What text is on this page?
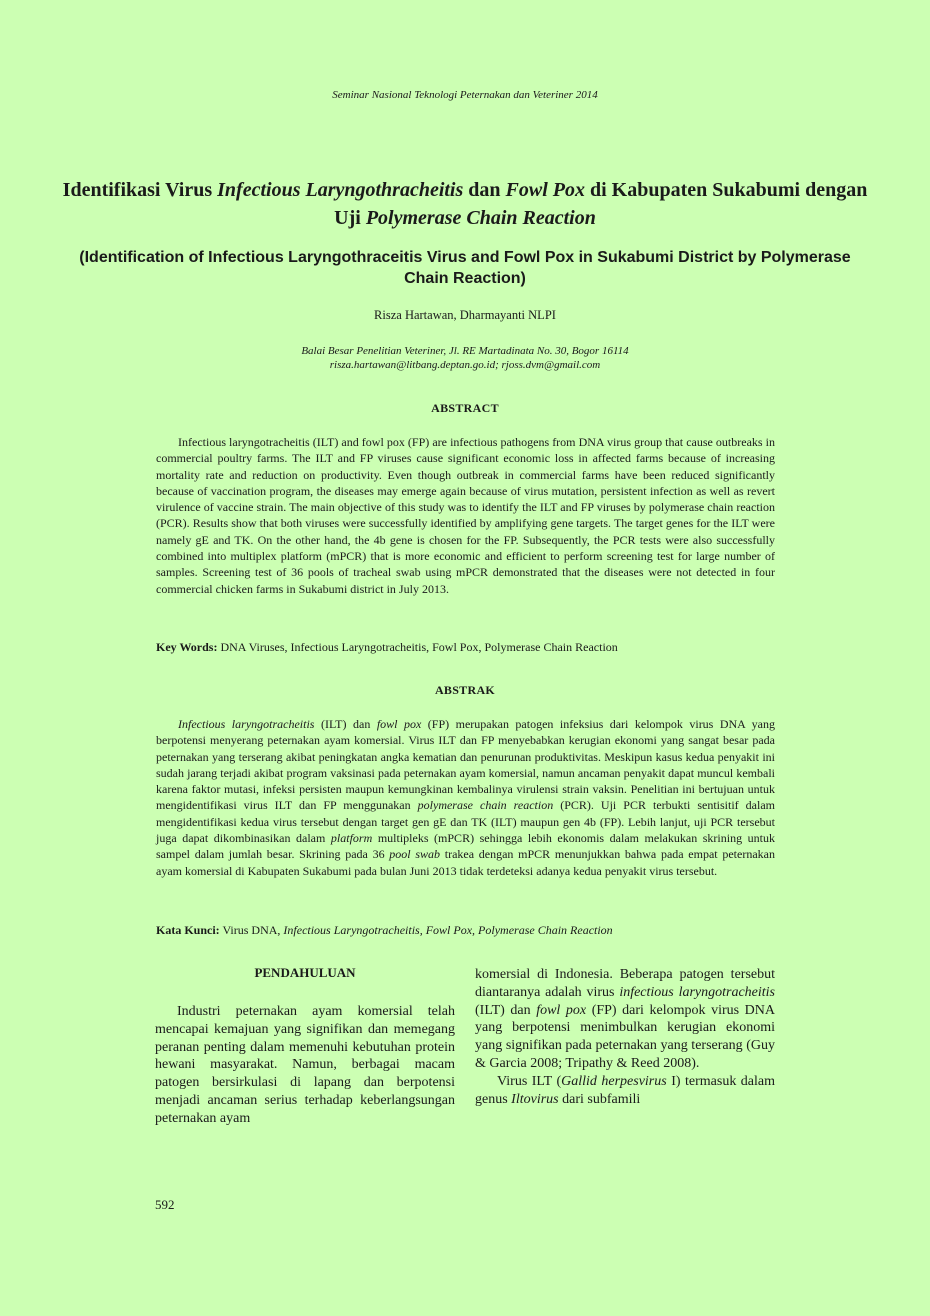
Seminar Nasional Teknologi Peternakan dan Veteriner 2014
Identifikasi Virus Infectious Laryngothracheitis dan Fowl Pox di Kabupaten Sukabumi dengan Uji Polymerase Chain Reaction
(Identification of Infectious Laryngothraceitis Virus and Fowl Pox in Sukabumi District by Polymerase Chain Reaction)
Risza Hartawan, Dharmayanti NLPI
Balai Besar Penelitian Veteriner, Jl. RE Martadinata No. 30, Bogor 16114
risza.hartawan@litbang.deptan.go.id; rjoss.dvm@gmail.com
ABSTRACT
Infectious laryngotracheitis (ILT) and fowl pox (FP) are infectious pathogens from DNA virus group that cause outbreaks in commercial poultry farms. The ILT and FP viruses cause significant economic loss in affected farms because of increasing mortality rate and reduction on productivity. Even though outbreak in commercial farms have been reduced significantly because of vaccination program, the diseases may emerge again because of virus mutation, persistent infection as well as revert virulence of vaccine strain. The main objective of this study was to identify the ILT and FP viruses by polymerase chain reaction (PCR). Results show that both viruses were successfully identified by amplifying gene targets. The target genes for the ILT were namely gE and TK. On the other hand, the 4b gene is chosen for the FP. Subsequently, the PCR tests were also successfully combined into multiplex platform (mPCR) that is more economic and efficient to perform screening test for large number of samples. Screening test of 36 pools of tracheal swab using mPCR demonstrated that the diseases were not detected in four commercial chicken farms in Sukabumi district in July 2013.
Key Words: DNA Viruses, Infectious Laryngotracheitis, Fowl Pox, Polymerase Chain Reaction
ABSTRAK
Infectious laryngotracheitis (ILT) dan fowl pox (FP) merupakan patogen infeksius dari kelompok virus DNA yang berpotensi menyerang peternakan ayam komersial. Virus ILT dan FP menyebabkan kerugian ekonomi yang sangat besar pada peternakan yang terserang akibat peningkatan angka kematian dan penurunan produktivitas. Meskipun kasus kedua penyakit ini sudah jarang terjadi akibat program vaksinasi pada peternakan ayam komersial, namun ancaman penyakit dapat muncul kembali karena faktor mutasi, infeksi persisten maupun kemungkinan kembalinya virulensi strain vaksin. Penelitian ini bertujuan untuk mengidentifikasi virus ILT dan FP menggunakan polymerase chain reaction (PCR). Uji PCR terbukti sentisitif dalam mengidentifikasi kedua virus tersebut dengan target gen gE dan TK (ILT) maupun gen 4b (FP). Lebih lanjut, uji PCR tersebut juga dapat dikombinasikan dalam platform multipleks (mPCR) sehingga lebih ekonomis dalam melakukan skrining untuk sampel dalam jumlah besar. Skrining pada 36 pool swab trakea dengan mPCR menunjukkan bahwa pada empat peternakan ayam komersial di Kabupaten Sukabumi pada bulan Juni 2013 tidak terdeteksi adanya kedua penyakit virus tersebut.
Kata Kunci: Virus DNA, Infectious Laryngotracheitis, Fowl Pox, Polymerase Chain Reaction
PENDAHULUAN
Industri peternakan ayam komersial telah mencapai kemajuan yang signifikan dan memegang peranan penting dalam memenuhi kebutuhan protein hewani masyarakat. Namun, berbagai macam patogen bersirkulasi di lapang dan berpotensi menjadi ancaman serius terhadap keberlangsungan peternakan ayam
komersial di Indonesia. Beberapa patogen tersebut diantaranya adalah virus infectious laryngotracheitis (ILT) dan fowl pox (FP) dari kelompok virus DNA yang berpotensi menimbulkan kerugian ekonomi yang signifikan pada peternakan yang terserang (Guy & Garcia 2008; Tripathy & Reed 2008).
Virus ILT (Gallid herpesvirus I) termasuk dalam genus Iltovirus dari subfamili
592
